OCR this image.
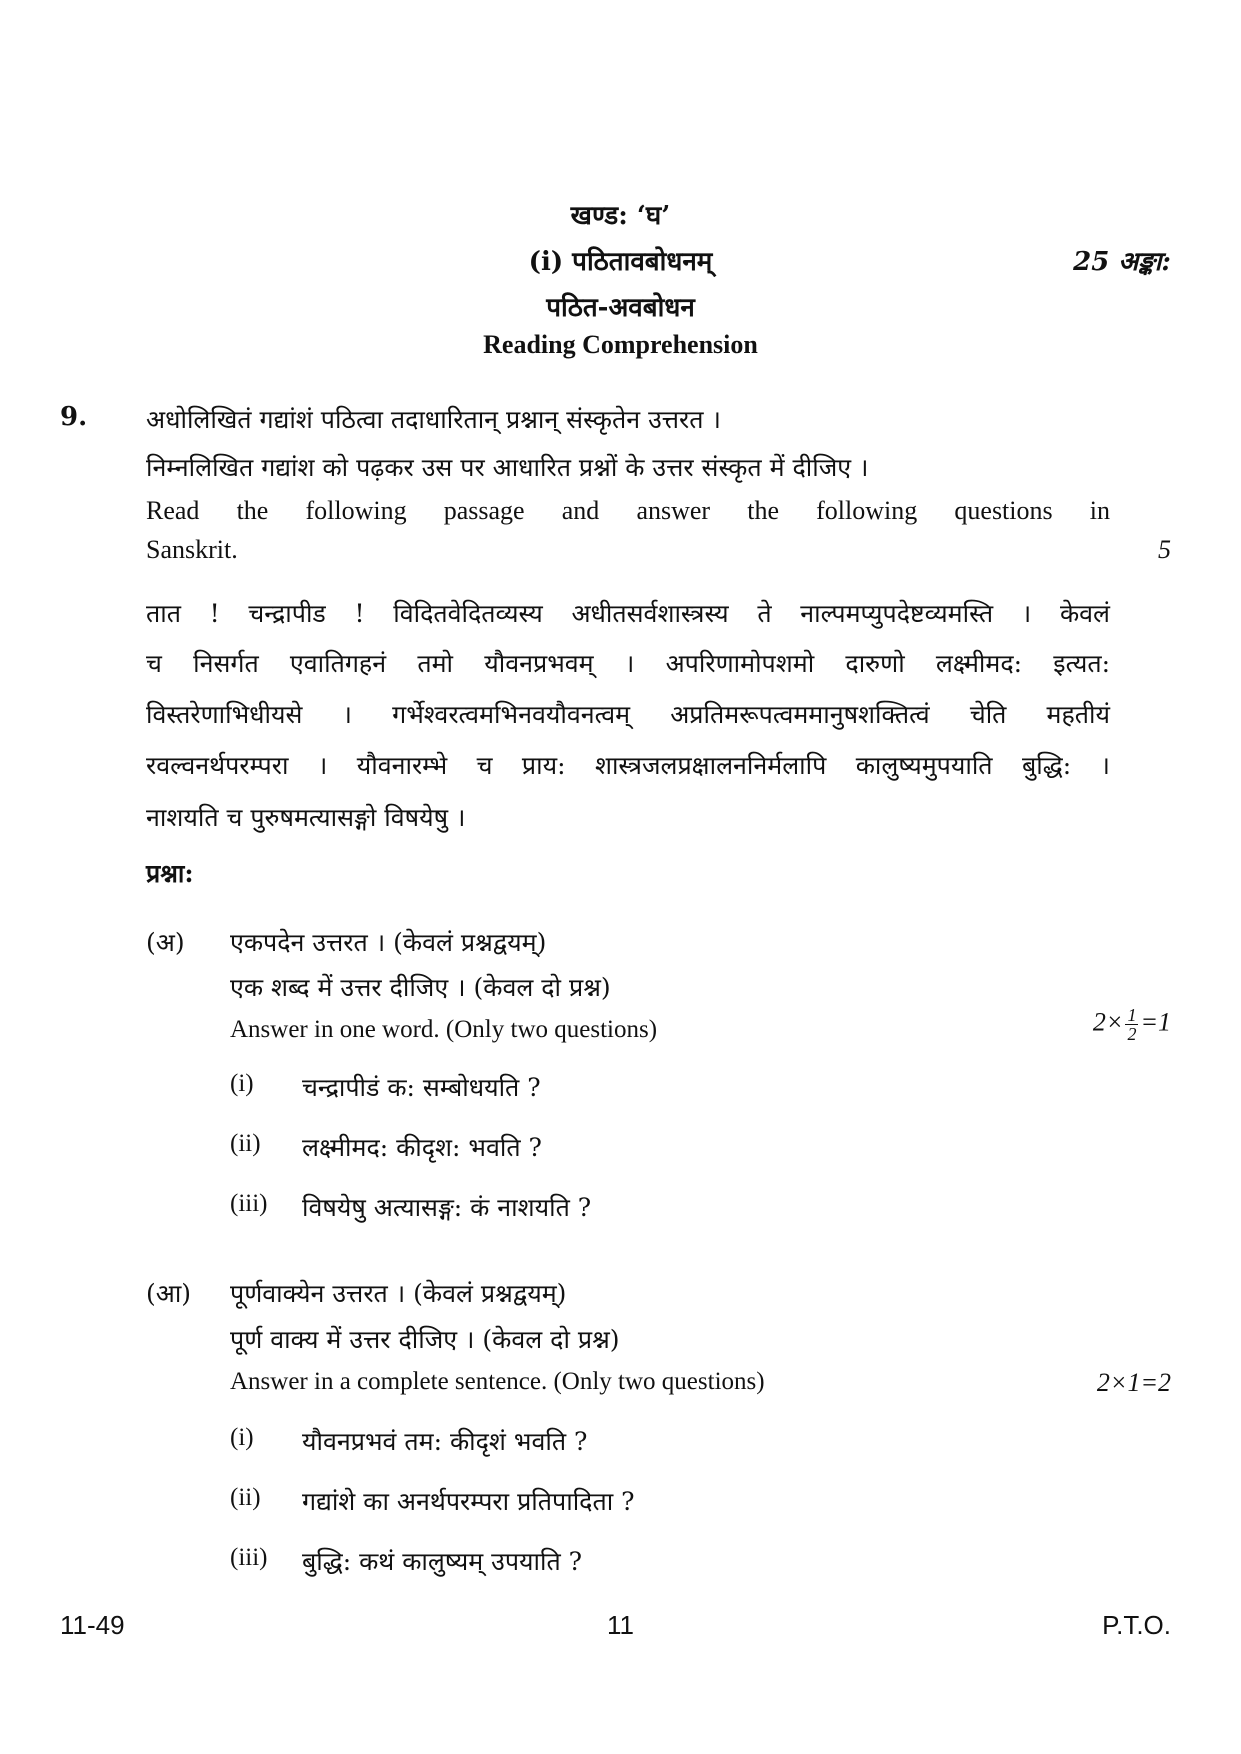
खण्ड: ‘घ’
(i) पठितावबोधनम्	25 अङ्का:
पठित-अवबोधन
Reading Comprehension
9. अधोलिखितं गद्यांशं पठित्वा तदाधारितान् प्रश्नान् संस्कृतेन उत्तरत ।
निम्नलिखित गद्यांश को पढ़कर उस पर आधारित प्रश्नों के उत्तर संस्कृत में दीजिए ।
Read the following passage and answer the following questions in
Sanskrit.	5
तात ! चन्द्रापीड ! विदितवेदितव्यस्य अधीतसर्वशास्त्रस्य ते नाल्पमप्युपदेष्टव्यमस्ति । केवलं
च निसर्गत एवातिगहनं तमो यौवनप्रभवम् । अपरिणामोपशमो दारुणो लक्ष्मीमद: इत्यत:
विस्तरेणाभिधीयसे । गर्भेश्वरत्वमभिनवयौवनत्वम् अप्रतिमरूपत्वममानुषशक्तित्वं चेति महतीयं
रवल्वनर्थपरम्परा । यौवनारम्भे च प्राय: शास्त्रजलप्रक्षालननिर्मलापि कालुष्यमुपयाति बुद्धि: ।
नाशयति च पुरुषमत्यासङ्गो विषयेषु ।
प्रश्ना:
(अ) एकपदेन उत्तरत । (केवलं प्रश्नद्वयम्)
एक शब्द में उत्तर दीजिए । (केवल दो प्रश्न)
Answer in one word. (Only two questions)	$2\times \frac{1}{2} =1$
(i) चन्द्रापीडं क: सम्बोधयति ?
(ii) लक्ष्मीमद: कीदृश: भवति ?
(iii) विषयेषु अत्यासङ्ग: कं नाशयति ?
(आ) पूर्णवाक्येन उत्तरत । (केवलं प्रश्नद्वयम्)
पूर्ण वाक्य में उत्तर दीजिए । (केवल दो प्रश्न)
Answer in a complete sentence. (Only two questions)	2×1=2
(i) यौवनप्रभवं तम: कीदृशं भवति ?
(ii) गद्यांशे का अनर्थपरम्परा प्रतिपादिता ?
(iii) बुद्धि: कथं कालुष्यम् उपयाति ?
11-49	11	P.T.O.
